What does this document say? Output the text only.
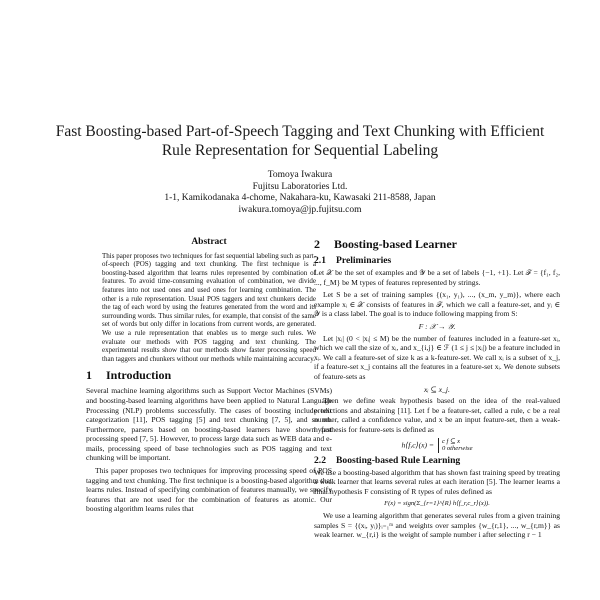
Fast Boosting-based Part-of-Speech Tagging and Text Chunking with Efficient Rule Representation for Sequential Labeling
Tomoya Iwakura
Fujitsu Laboratories Ltd.
1-1, Kamikodanaka 4-chome, Nakahara-ku, Kawasaki 211-8588, Japan
iwakura.tomoya@jp.fujitsu.com
Abstract

This paper proposes two techniques for fast sequential labeling such as part-of-speech (POS) tagging and text chunking. The first technique is a boosting-based algorithm that learns rules represented by combination of features. To avoid time-consuming evaluation of combination, we divide features into not used ones and used ones for learning combination. The other is a rule representation. Usual POS taggers and text chunkers decide the tag of each word by using the features generated from the word and its surrounding words. Thus similar rules, for example, that consist of the same set of words but only differ in locations from current words, are generated. We use a rule representation that enables us to merge such rules. We evaluate our methods with POS tagging and text chunking. The experimental results show that our methods show faster processing speed than taggers and chunkers without our methods while maintaining accuracy.

1 Introduction

Several machine learning algorithms such as Support Vector Machines (SVMs) and boosting-based learning algorithms have been applied to Natural Language Processing (NLP) problems successfully. The cases of boosting include text categorization [11], POS tagging [5] and text chunking [7, 5], and so on. Furthermore, parsers based on boosting-based learners have shown fast processing speed [7, 5]. However, to process large data such as WEB data and e-mails, processing speed of base technologies such as POS tagging and text chunking will be important.

This paper proposes two techniques for improving processing speed of POS tagging and text chunking. The first technique is a boosting-based algorithm that learns rules. Instead of specifying combination of features manually, we specify features that are not used for the combination of features as atomic. Our boosting algorithm learns rules that

2 Boosting-based Learner
2.1 Preliminaries

Let 𝒳 be the set of examples and 𝒴 be a set of labels {−1, +1}. Let ℱ = {f₁, f₂, ..., f_M} be M types of features represented by strings.

Let S be a set of training samples {(x₁, y₁), ..., (x_m, y_m)}, where each example xᵢ ∈ 𝒳 consists of features in ℱ, which we call a feature-set, and yᵢ ∈ 𝒴 is a class label. The goal is to induce following mapping from S:

F : 𝒳 → 𝒴.

Let |xᵢ| (0 < |xᵢ| ≤ M) be the number of features included in a feature-set xᵢ, which we call the size of xᵢ, and x_{i,j} ∈ ℱ (1 ≤ j ≤ |xᵢ|) be a feature included in xᵢ. We call a feature-set of size k as a k-feature-set. We call xᵢ is a subset of x_j, if a feature-set x_j contains all the features in a feature-set xᵢ. We denote subsets of feature-sets as

xᵢ ⊆ x_j.

Then we define weak hypothesis based on the idea of the real-valued predictions and abstaining [11]. Let f be a feature-set, called a rule, c be a real number, called a confidence value, and x be an input feature-set, then a weak-hypothesis for feature-sets is defined as

h⟨f,c⟩(x) = c f ⊆ x
0 otherwise
2.2 Boosting-based Rule Learning

We use a boosting-based algorithm that has shown fast training speed by treating a weak learner that learns several rules at each iteration [5]. The learner learns a final hypothesis F consisting of R types of rules defined as

F(x) = sign(Σ_{r=1}^{R} h⟨f_r,c_r⟩(x)).

We use a learning algorithm that generates several rules from a given training samples S = {(xᵢ, yᵢ)}ᵢ₌₁ᵐ and weights over samples {w_{r,1}, ..., w_{r,m}} as weak learner. w_{r,i} is the weight of sample number i after selecting r − 1
